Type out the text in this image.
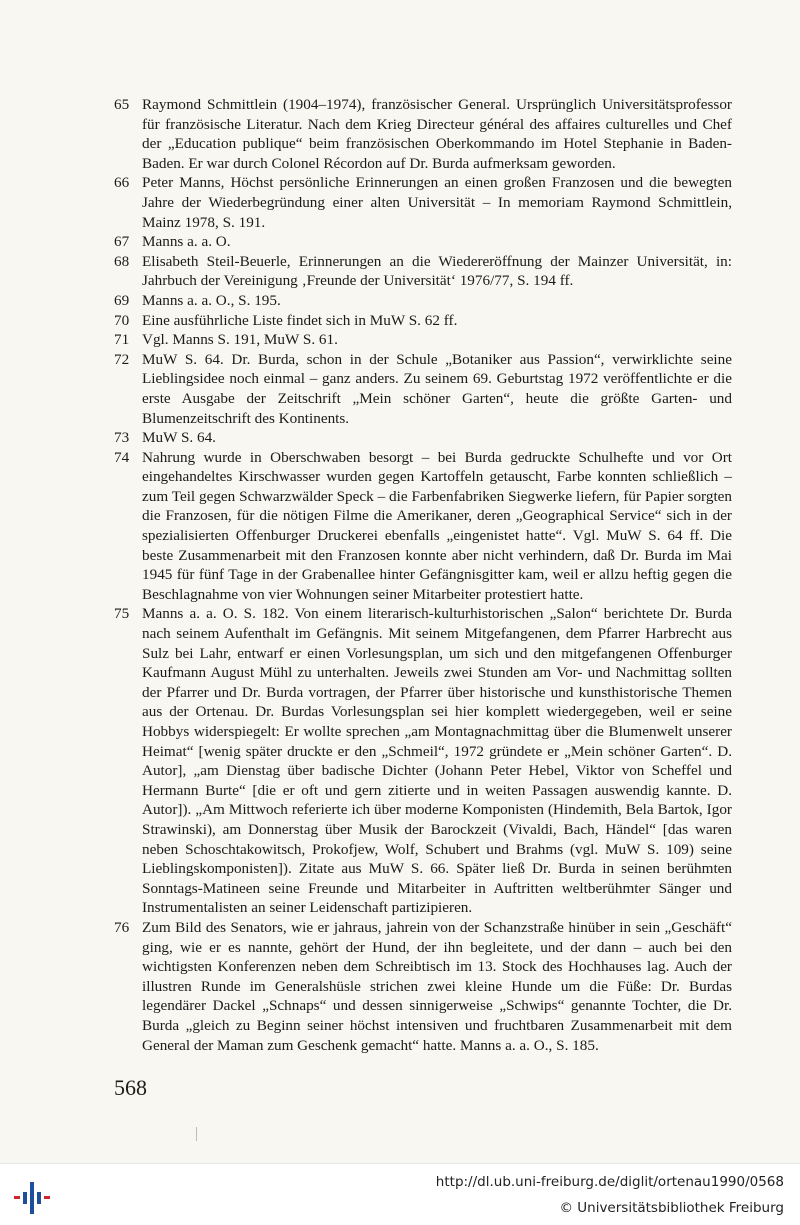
65 Raymond Schmittlein (1904–1974), französischer General. Ursprünglich Universitätsprofessor für französische Literatur. Nach dem Krieg Directeur général des affaires culturelles und Chef der „Education publique“ beim französischen Oberkommando im Hotel Stephanie in Baden-Baden. Er war durch Colonel Récordon auf Dr. Burda aufmerksam geworden.
66 Peter Manns, Höchst persönliche Erinnerungen an einen großen Franzosen und die bewegten Jahre der Wiederbegründung einer alten Universität – In memoriam Raymond Schmittlein, Mainz 1978, S. 191.
67 Manns a. a. O.
68 Elisabeth Steil-Beuerle, Erinnerungen an die Wiedereröffnung der Mainzer Universität, in: Jahrbuch der Vereinigung ‚Freunde der Universität‘ 1976/77, S. 194 ff.
69 Manns a. a. O., S. 195.
70 Eine ausführliche Liste findet sich in MuW S. 62 ff.
71 Vgl. Manns S. 191, MuW S. 61.
72 MuW S. 64. Dr. Burda, schon in der Schule „Botaniker aus Passion“, verwirklichte seine Lieblingsidee noch einmal – ganz anders. Zu seinem 69. Geburtstag 1972 veröffentlichte er die erste Ausgabe der Zeitschrift „Mein schöner Garten“, heute die größte Garten- und Blumenzeitschrift des Kontinents.
73 MuW S. 64.
74 Nahrung wurde in Oberschwaben besorgt – bei Burda gedruckte Schulhefte und vor Ort eingehandeltes Kirschwasser wurden gegen Kartoffeln getauscht, Farbe konnten schließlich – zum Teil gegen Schwarzwälder Speck – die Farbenfabriken Siegwerke liefern, für Papier sorgten die Franzosen, für die nötigen Filme die Amerikaner, deren „Geographical Service“ sich in der spezialisierten Offenburger Druckerei ebenfalls „eingenistet hatte“. Vgl. MuW S. 64 ff. Die beste Zusammenarbeit mit den Franzosen konnte aber nicht verhindern, daß Dr. Burda im Mai 1945 für fünf Tage in der Grabenallee hinter Gefängnisgitter kam, weil er allzu heftig gegen die Beschlagnahme von vier Wohnungen seiner Mitarbeiter protestiert hatte.
75 Manns a. a. O. S. 182. Von einem literarisch-kulturhistorischen „Salon“ berichtete Dr. Burda nach seinem Aufenthalt im Gefängnis. Mit seinem Mitgefangenen, dem Pfarrer Harbrecht aus Sulz bei Lahr, entwarf er einen Vorlesungsplan, um sich und den mitgefangenen Offenburger Kaufmann August Mühl zu unterhalten. Jeweils zwei Stunden am Vor- und Nachmittag sollten der Pfarrer und Dr. Burda vortragen, der Pfarrer über historische und kunsthistorische Themen aus der Ortenau. Dr. Burdas Vorlesungsplan sei hier komplett wiedergegeben, weil er seine Hobbys widerspiegelt: Er wollte sprechen „am Montagnachmittag über die Blumenwelt unserer Heimat“ [wenig später druckte er den „Schmeil“, 1972 gründete er „Mein schöner Garten“. D. Autor], „am Dienstag über badische Dichter (Johann Peter Hebel, Viktor von Scheffel und Hermann Burte“ [die er oft und gern zitierte und in weiten Passagen auswendig kannte. D. Autor]). „Am Mittwoch referierte ich über moderne Komponisten (Hindemith, Bela Bartok, Igor Strawinski), am Donnerstag über Musik der Barockzeit (Vivaldi, Bach, Händel“ [das waren neben Schoschtakowitsch, Prokofjew, Wolf, Schubert und Brahms (vgl. MuW S. 109) seine Lieblingskomponisten]). Zitate aus MuW S. 66. Später ließ Dr. Burda in seinen berühmten Sonntags-Matineen seine Freunde und Mitarbeiter in Auftritten weltberühmter Sänger und Instrumentalisten an seiner Leidenschaft partizipieren.
76 Zum Bild des Senators, wie er jahraus, jahrein von der Schanzstraße hinüber in sein „Geschäft“ ging, wie er es nannte, gehört der Hund, der ihn begleitete, und der dann – auch bei den wichtigsten Konferenzen neben dem Schreibtisch im 13. Stock des Hochhauses lag. Auch der illustren Runde im Generalshüsle strichen zwei kleine Hunde um die Füße: Dr. Burdas legendärer Dackel „Schnaps“ und dessen sinnigerweise „Schwips“ genannte Tochter, die Dr. Burda „gleich zu Beginn seiner höchst intensiven und fruchtbaren Zusammenarbeit mit dem General der Maman zum Geschenk gemacht“ hatte. Manns a. a. O., S. 185.
568
http://dl.ub.uni-freiburg.de/diglit/ortenau1990/0568
© Universitätsbibliothek Freiburg
